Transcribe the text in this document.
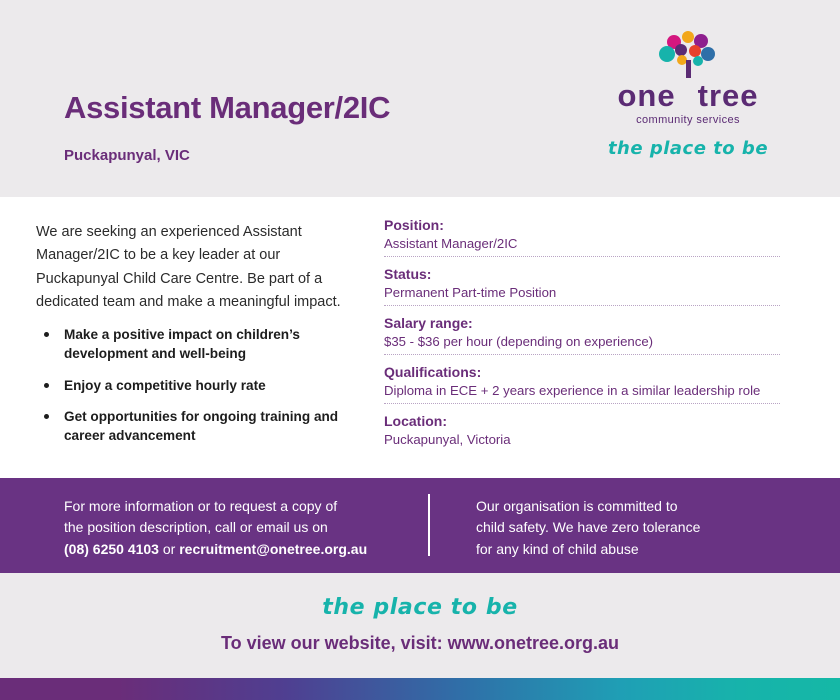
Assistant Manager/2IC
Puckapunyal, VIC
one tree
community services
the place to be

We are seeking an experienced Assistant Manager/2IC to be a key leader at our Puckapunyal Child Care Centre. Be part of a dedicated team and make a meaningful impact.

Make a positive impact on children’s development and well-being
Enjoy a competitive hourly rate
Get opportunities for ongoing training and career advancement
Position:
Assistant Manager/2IC
Status:
Permanent Part-time Position
Salary range:
$35 - $36 per hour (depending on experience)
Qualifications:
Diploma in ECE + 2 years experience in a similar leadership role
Location:
Puckapunyal, Victoria
For more information or to request a copy of
the position description, call or email us on
(08) 6250 4103 or recruitment@onetree.org.au
Our organisation is committed to
child safety. We have zero tolerance
for any kind of child abuse
the place to be
To view our website, visit: www.onetree.org.au
